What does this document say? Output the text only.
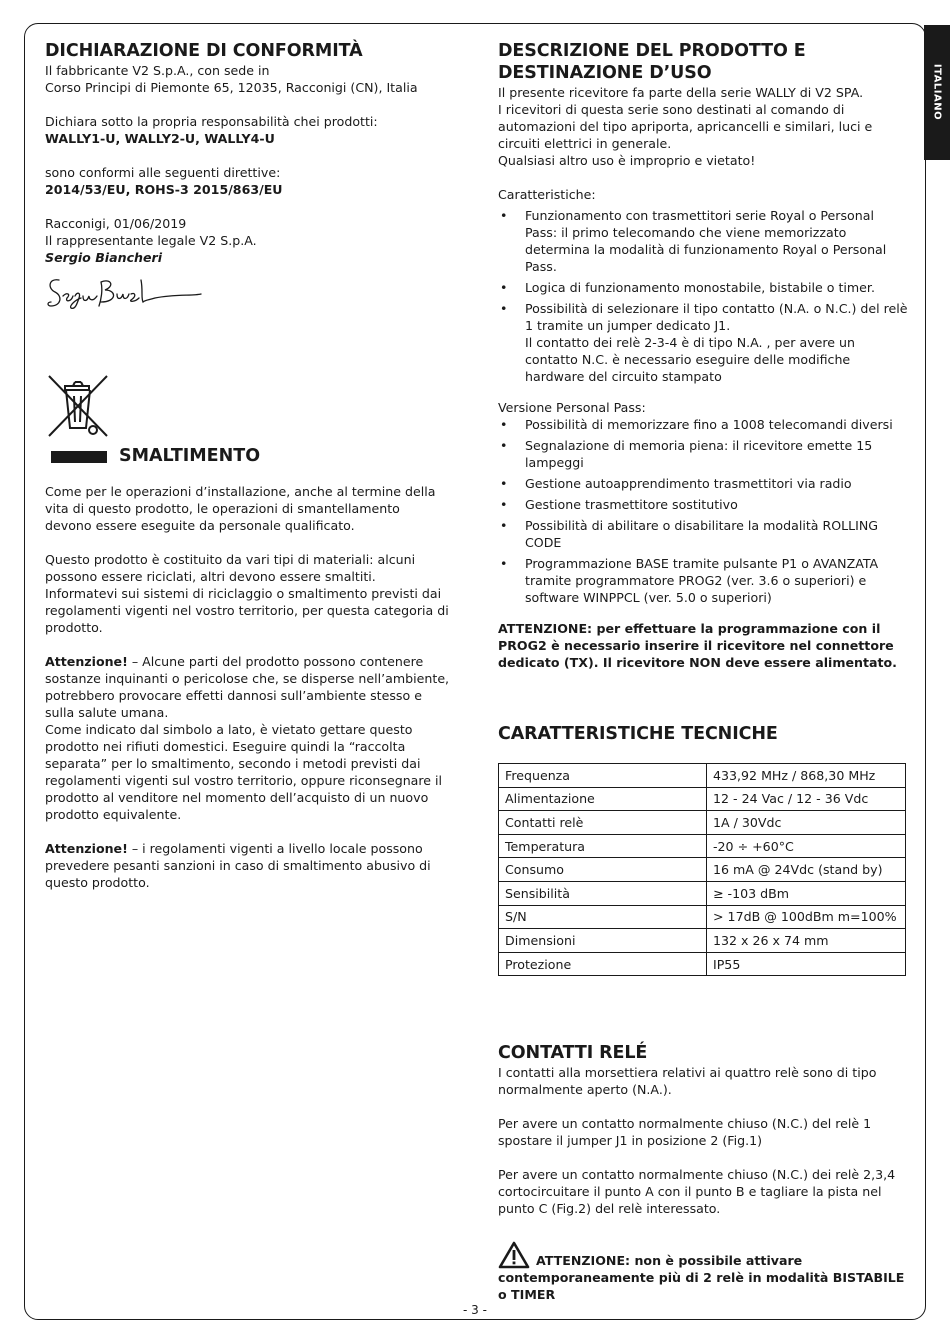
ITALIANO
DICHIARAZIONE DI CONFORMITÀ

Il fabbricante V2 S.p.A., con sede in

Corso Principi di Piemonte 65, 12035, Racconigi (CN), Italia

Dichiara sotto la propria responsabilità chei prodotti:

WALLY1-U, WALLY2-U, WALLY4-U

sono conformi alle seguenti direttive:

2014/53/EU, ROHS-3 2015/863/EU

Racconigi, 01/06/2019

Il rappresentante legale V2 S.p.A.

Sergio Biancheri

SMALTIMENTO

Come per le operazioni d’installazione, anche al termine della vita di questo prodotto, le operazioni di smantellamento devono essere eseguite da personale qualificato.

Questo prodotto è costituito da vari tipi di materiali: alcuni possono essere riciclati, altri devono essere smaltiti. Informatevi sui sistemi di riciclaggio o smaltimento previsti dai regolamenti vigenti nel vostro territorio, per questa categoria di prodotto.

Attenzione! – Alcune parti del prodotto possono contenere sostanze inquinanti o pericolose che, se disperse nell’ambiente, potrebbero provocare effetti dannosi sull’ambiente stesso e sulla salute umana.

Come indicato dal simbolo a lato, è vietato gettare questo prodotto nei rifiuti domestici. Eseguire quindi la “raccolta separata” per lo smaltimento, secondo i metodi previsti dai regolamenti vigenti sul vostro territorio, oppure riconsegnare il prodotto al venditore nel momento dell’acquisto di un nuovo prodotto equivalente.

Attenzione! – i regolamenti vigenti a livello locale possono prevedere pesanti sanzioni in caso di smaltimento abusivo di questo prodotto.

DESCRIZIONE DEL PRODOTTO E
DESTINAZIONE D’USO

Il presente ricevitore fa parte della serie WALLY di V2 SPA.

I ricevitori di questa serie sono destinati al comando di automazioni del tipo apriporta, apricancelli e similari, luci e circuiti elettrici in generale.

Qualsiasi altro uso è improprio e vietato!

Caratteristiche:

• Funzionamento con trasmettitori serie Royal o Personal Pass: il primo telecomando che viene memorizzato determina la modalità di funzionamento Royal o Personal Pass.
• Logica di funzionamento monostabile, bistabile o timer.
• Possibilità di selezionare il tipo contatto (N.A. o N.C.) del relè 1 tramite un jumper dedicato J1.
Il contatto dei relè 2-3-4 è di tipo N.A. , per avere un contatto N.C. è necessario eseguire delle modifiche hardware del circuito stampato

Versione Personal Pass:

• Possibilità di memorizzare fino a 1008 telecomandi diversi
• Segnalazione di memoria piena: il ricevitore emette 15 lampeggi
• Gestione autoapprendimento trasmettitori via radio
• Gestione trasmettitore sostitutivo
• Possibilità di abilitare o disabilitare la modalità ROLLING CODE
• Programmazione BASE tramite pulsante P1 o AVANZATA tramite programmatore PROG2 (ver. 3.6 o superiori) e software WINPPCL (ver. 5.0 o superiori)

ATTENZIONE: per effettuare la programmazione con il PROG2 è necessario inserire il ricevitore nel connettore dedicato (TX). Il ricevitore NON deve essere alimentato.

CARATTERISTICHE TECNICHE
Frequenza	433,92 MHz / 868,30 MHz
Alimentazione	12 - 24 Vac / 12 - 36 Vdc
Contatti relè	1A / 30Vdc
Temperatura	-20 ÷ +60°C
Consumo	16 mA @ 24Vdc (stand by)
Sensibilità	≥ -103 dBm
S/N	> 17dB @ 100dBm m=100%
Dimensioni	132 x 26 x 74 mm
Protezione	IP55
CONTATTI RELÉ

I contatti alla morsettiera relativi ai quattro relè sono di tipo normalmente aperto (N.A.).

Per avere un contatto normalmente chiuso (N.C.) del relè 1 spostare il jumper J1 in posizione 2 (Fig.1)

Per avere un contatto normalmente chiuso (N.C.) dei relè 2,3,4 cortocircuitare il punto A con il punto B e tagliare la pista nel punto C (Fig.2) del relè interessato.

ATTENZIONE: non è possibile attivare

contemporaneamente più di 2 relè in modalità BISTABILE o TIMER

- 3 -
